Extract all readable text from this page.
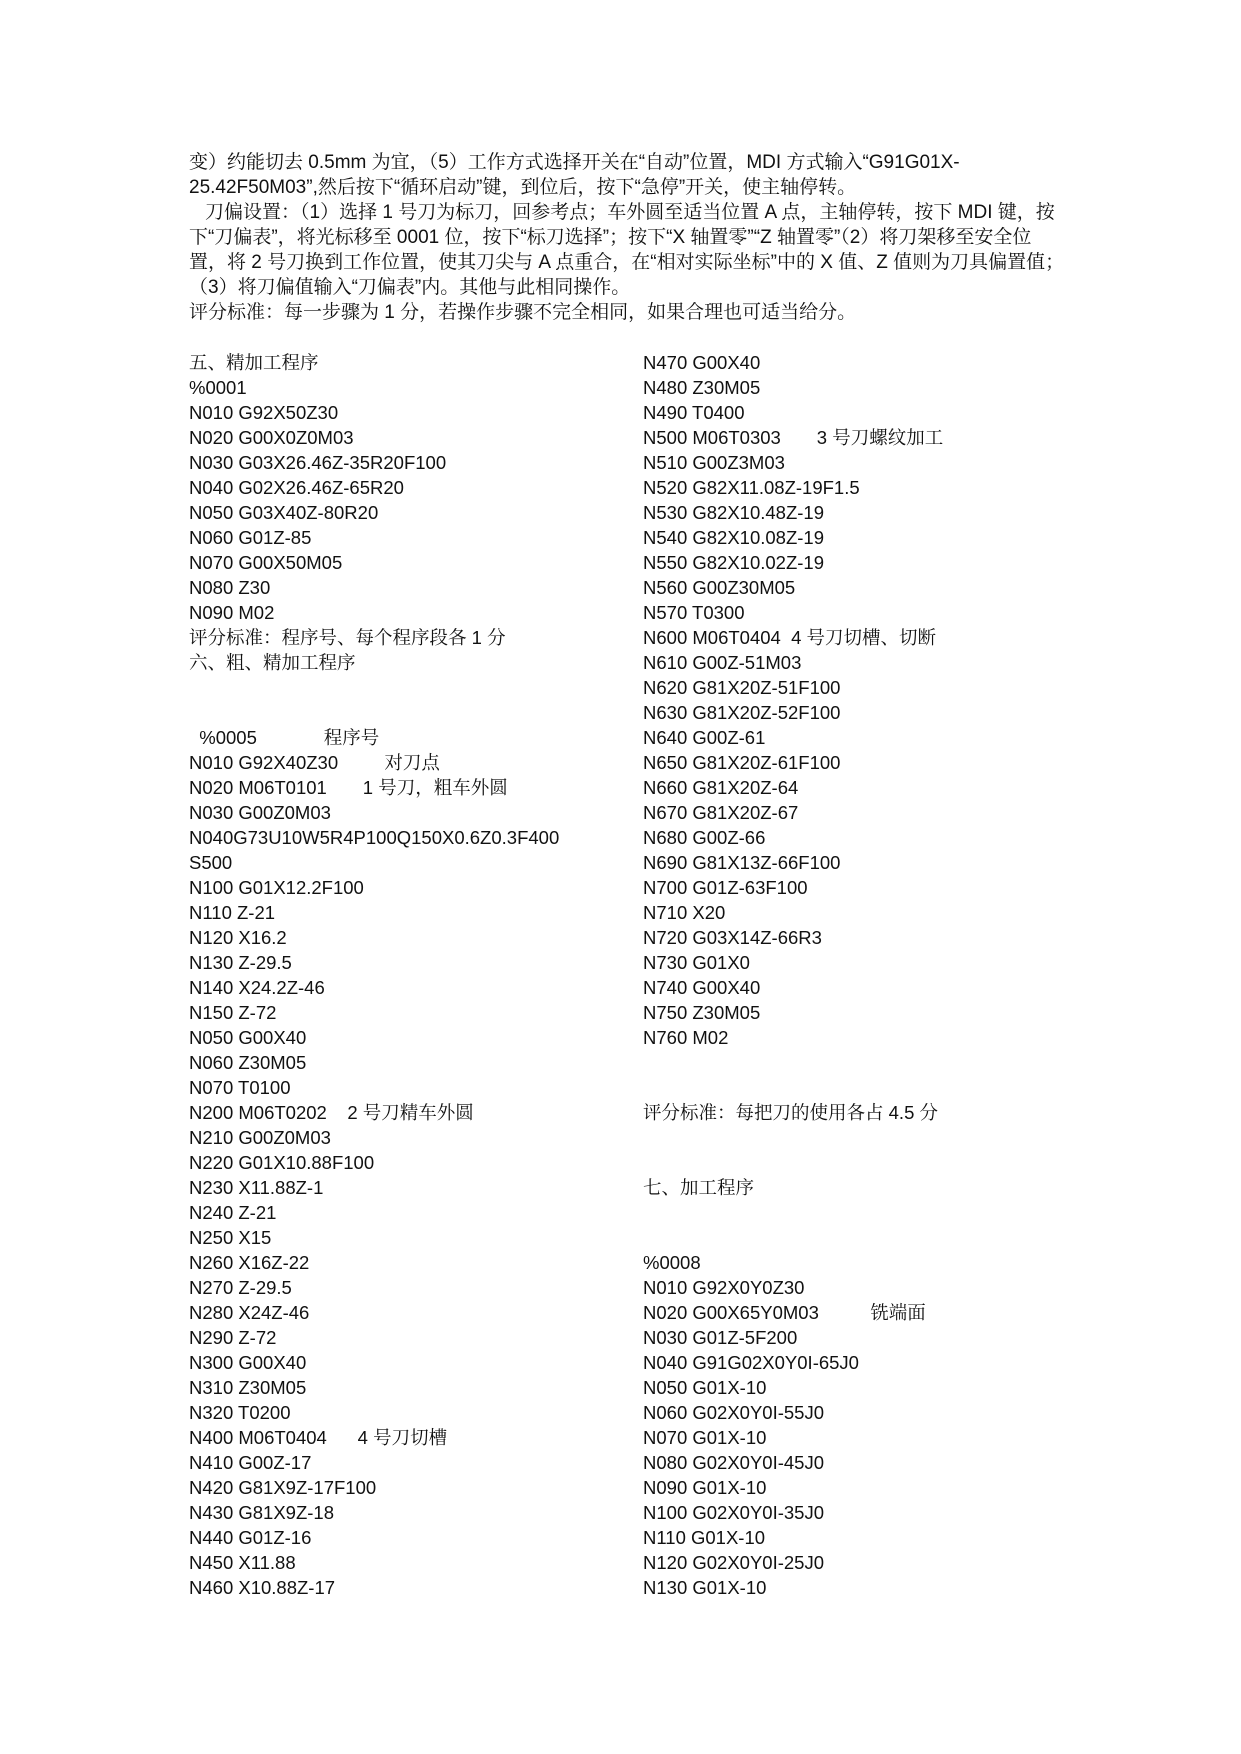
变）约能切去 0.5mm 为宜，（5）工作方式选择开关在“自动”位置，MDI 方式输入“G91G01X-25.42F50M03”,然后按下“循环启动”键，到位后，按下“急停”开关，使主轴停转。

刀偏设置：（1）选择 1 号刀为标刀，回参考点；车外圆至适当位置 A 点，主轴停转，按下 MDI 键，按下“刀偏表”，将光标移至 0001 位，按下“标刀选择”；按下“X 轴置零”“Z 轴置零”（2）将刀架移至安全位置，将 2 号刀换到工作位置，使其刀尖与 A 点重合，在“相对实际坐标”中的 X 值、Z 值则为刀具偏置值；（3）将刀偏值输入“刀偏表”内。其他与此相同操作。

评分标准：每一步骤为 1 分，若操作步骤不完全相同，如果合理也可适当给分。

五、精加工程序
%0001
N010 G92X50Z30
N020 G00X0Z0M03
N030 G03X26.46Z-35R20F100
N040 G02X26.46Z-65R20
N050 G03X40Z-80R20
N060 G01Z-85
N070 G00X50M05
N080 Z30
N090 M02
评分标准：程序号、每个程序段各 1 分
六、粗、精加工程序
%0005             程序号
N010 G92X40Z30         对刀点
N020 M06T0101       1 号刀，粗车外圆
N030 G00Z0M03
N040G73U10W5R4P100Q150X0.6Z0.3F400
S500
N100 G01X12.2F100
N110 Z-21
N120 X16.2
N130 Z-29.5
N140 X24.2Z-46
N150 Z-72
N050 G00X40
N060 Z30M05
N070 T0100
N200 M06T0202    2 号刀精车外圆
N210 G00Z0M03
N220 G01X10.88F100
N230 X11.88Z-1
N240 Z-21
N250 X15
N260 X16Z-22
N270 Z-29.5
N280 X24Z-46
N290 Z-72
N300 G00X40
N310 Z30M05
N320 T0200
N400 M06T0404      4 号刀切槽
N410 G00Z-17
N420 G81X9Z-17F100
N430 G81X9Z-18
N440 G01Z-16
N450 X11.88
N460 X10.88Z-17
N470 G00X40
N480 Z30M05
N490 T0400
N500 M06T0303       3 号刀螺纹加工
N510 G00Z3M03
N520 G82X11.08Z-19F1.5
N530 G82X10.48Z-19
N540 G82X10.08Z-19
N550 G82X10.02Z-19
N560 G00Z30M05
N570 T0300
N600 M06T0404  4 号刀切槽、切断
N610 G00Z-51M03
N620 G81X20Z-51F100
N630 G81X20Z-52F100
N640 G00Z-61
N650 G81X20Z-61F100
N660 G81X20Z-64
N670 G81X20Z-67
N680 G00Z-66
N690 G81X13Z-66F100
N700 G01Z-63F100
N710 X20
N720 G03X14Z-66R3
N730 G01X0
N740 G00X40
N750 Z30M05
N760 M02
评分标准：每把刀的使用各占 4.5 分
七、加工程序
%0008
N010 G92X0Y0Z30
N020 G00X65Y0M03          铣端面
N030 G01Z-5F200
N040 G91G02X0Y0I-65J0
N050 G01X-10
N060 G02X0Y0I-55J0
N070 G01X-10
N080 G02X0Y0I-45J0
N090 G01X-10
N100 G02X0Y0I-35J0
N110 G01X-10
N120 G02X0Y0I-25J0
N130 G01X-10
